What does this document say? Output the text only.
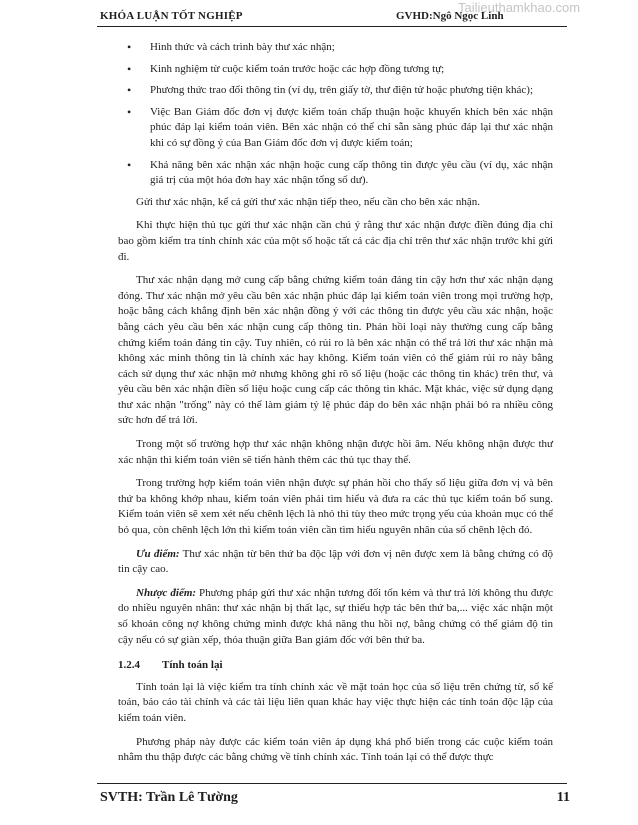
KHÓA LUẬN TỐT NGHIỆP	GVHD:Ngô Ngọc Linh
Tailieuthamkhao.com
• Hình thức và cách trình bày thư xác nhận;
• Kinh nghiệm từ cuộc kiểm toán trước hoặc các hợp đồng tương tự;
• Phương thức trao đổi thông tin (ví dụ, trên giấy tờ, thư điện tử hoặc phương tiện khác);
• Việc Ban Giám đốc đơn vị được kiểm toán chấp thuận hoặc khuyến khích bên xác nhận phúc đáp lại kiểm toán viên. Bên xác nhận có thể chỉ sẵn sàng phúc đáp lại thư xác nhận khi có sự đồng ý của Ban Giám đốc đơn vị được kiểm toán;
• Khả năng bên xác nhận xác nhận hoặc cung cấp thông tin được yêu cầu (ví dụ, xác nhận giá trị của một hóa đơn hay xác nhận tổng số dư).

Gửi thư xác nhận, kể cả gửi thư xác nhận tiếp theo, nếu cần cho bên xác nhận.

Khi thực hiện thủ tục gửi thư xác nhận cần chú ý rằng thư xác nhận được điền đúng địa chỉ bao gồm kiểm tra tính chính xác của một số hoặc tất cả các địa chỉ trên thư xác nhận trước khi gửi đi.

Thư xác nhận dạng mở cung cấp bằng chứng kiểm toán đáng tin cậy hơn thư xác nhận dạng đóng. Thư xác nhận mở yêu cầu bên xác nhận phúc đáp lại kiểm toán viên trong mọi trường hợp, hoặc bằng cách khẳng định bên xác nhận đồng ý với các thông tin được yêu cầu xác nhận, hoặc bằng cách yêu cầu bên xác nhận cung cấp thông tin. Phản hồi loại này thường cung cấp bằng chứng kiểm toán đáng tin cậy. Tuy nhiên, có rủi ro là bên xác nhận có thể trả lời thư xác nhận mà không xác minh thông tin là chính xác hay không. Kiểm toán viên có thể giảm rủi ro này bằng cách sử dụng thư xác nhận mở nhưng không ghi rõ số liệu (hoặc các thông tin khác) trên thư, và yêu cầu bên xác nhận điền số liệu hoặc cung cấp các thông tin khác. Mặt khác, việc sử dụng dạng thư xác nhận "trống" này có thể làm giảm tỷ lệ phúc đáp do bên xác nhận phải bỏ ra nhiều công sức hơn để trả lời.

Trong một số trường hợp thư xác nhận không nhận được hồi âm. Nếu không nhận được thư xác nhận thì kiểm toán viên sẽ tiến hành thêm các thủ tục thay thế.

Trong trường hợp kiểm toán viên nhận được sự phản hồi cho thấy số liệu giữa đơn vị và bên thứ ba không khớp nhau, kiểm toán viên phải tìm hiểu và đưa ra các thủ tục kiểm toán bổ sung. Kiểm toán viên sẽ xem xét nếu chênh lệch là nhỏ thì tùy theo mức trọng yếu của khoản mục có thể bỏ qua, còn chênh lệch lớn thì kiểm toán viên cần tìm hiểu nguyên nhân của số chênh lệch đó.

Ưu điểm: Thư xác nhận từ bên thứ ba độc lập với đơn vị nên được xem là bằng chứng có độ tin cậy cao.

Nhược điểm: Phương pháp gửi thư xác nhận tương đối tốn kém và thư trả lời không thu được do nhiều nguyên nhân: thư xác nhận bị thất lạc, sự thiếu hợp tác bên thứ ba,... việc xác nhận một số khoản công nợ không chứng minh được khả năng thu hồi nợ, bằng chứng có thể giảm độ tin cậy nếu có sự giàn xếp, thỏa thuận giữa Ban giám đốc với bên thứ ba.

1.2.4 Tính toán lại

Tính toán lại là việc kiểm tra tính chính xác về mặt toán học của số liệu trên chứng từ, sổ kế toán, báo cáo tài chính và các tài liệu liên quan khác hay việc thực hiện các tính toán độc lập của kiểm toán viên.

Phương pháp này được các kiểm toán viên áp dụng khá phổ biến trong các cuộc kiểm toán nhằm thu thập được các bằng chứng về tính chính xác. Tính toán lại có thể được thực

SVTH: Trần Lê Tường	11
